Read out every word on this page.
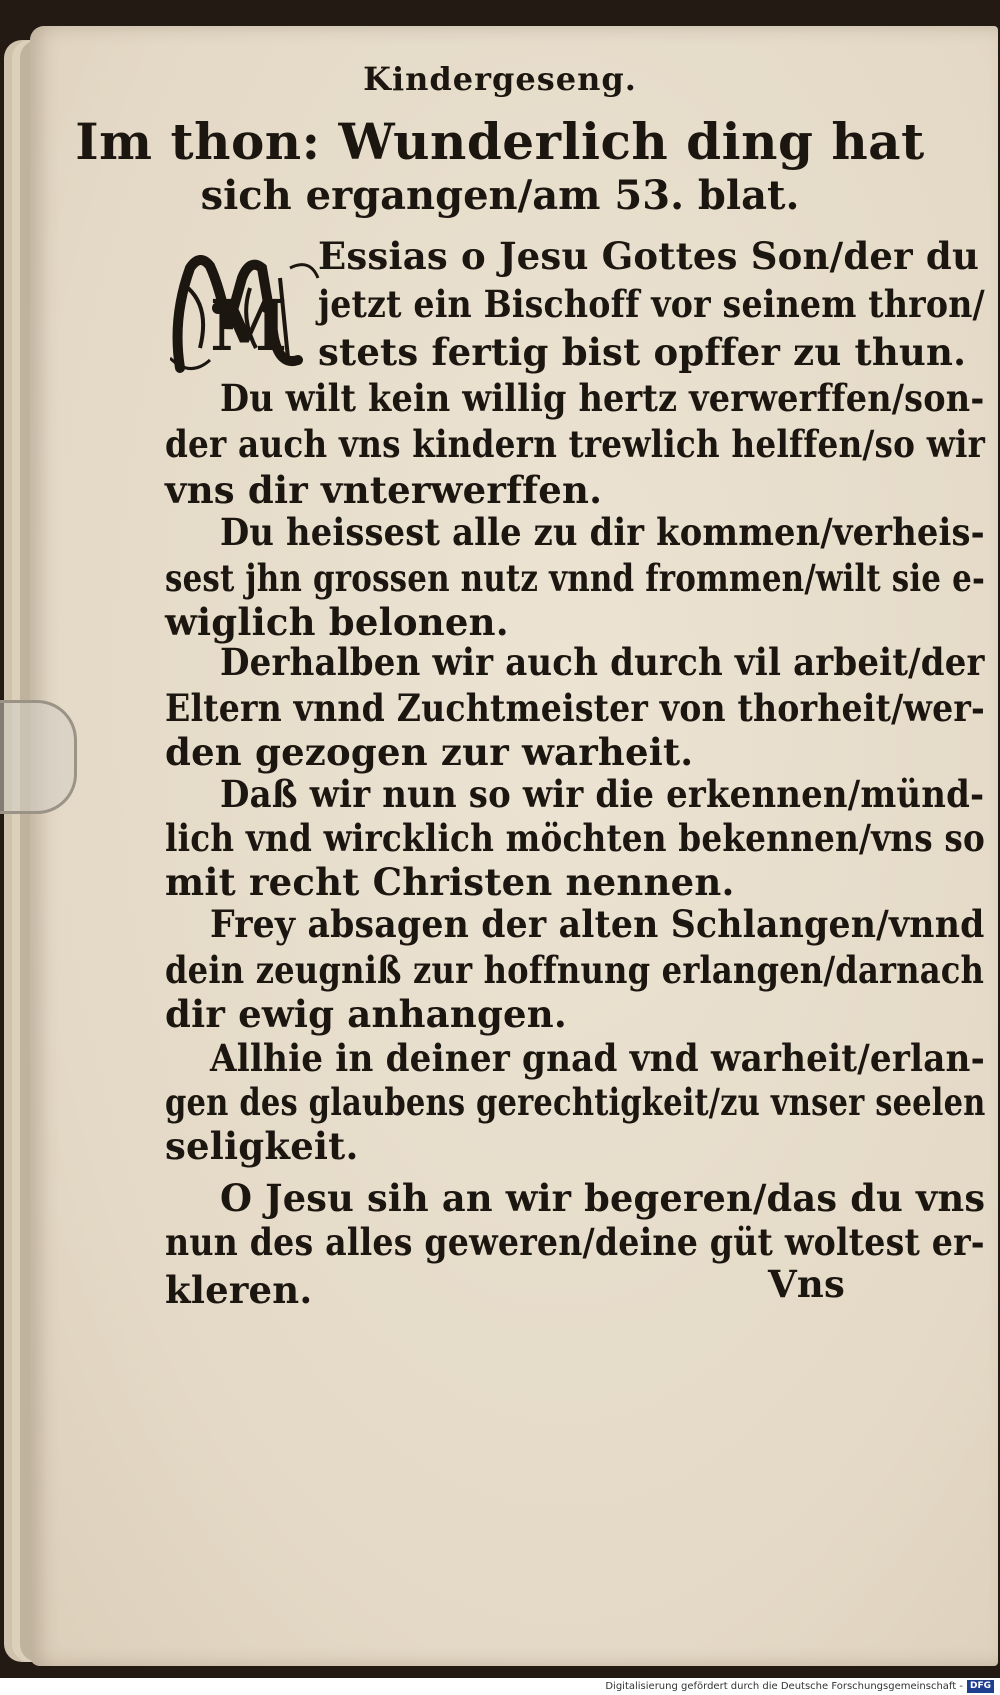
Kindergeseng.
Im thon: Wunderlich ding hat
sich ergangen/am 53. blat.
M
Essias o Jesu Gottes Son/der du
jetzt ein Bischoff vor seinem thron/
stets fertig bist opffer zu thun.
Du wilt kein willig hertz verwerffen/son-
der auch vns kindern trewlich helffen/so wir
vns dir vnterwerffen.
Du heissest alle zu dir kommen/verheis-
sest jhn grossen nutz vnnd frommen/wilt sie e-
wiglich belonen.
Derhalben wir auch durch vil arbeit/der
Eltern vnnd Zuchtmeister von thorheit/wer-
den gezogen zur warheit.
Daß wir nun so wir die erkennen/münd-
lich vnd wircklich möchten bekennen/vns so
mit recht Christen nennen.
Frey absagen der alten Schlangen/vnnd
dein zeugniß zur hoffnung erlangen/darnach
dir ewig anhangen.
Allhie in deiner gnad vnd warheit/erlan-
gen des glaubens gerechtigkeit/zu vnser seelen
seligkeit.
O Jesu sih an wir begeren/das du vns
nun des alles geweren/deine güt woltest er-
kleren.	Vns
Digitalisierung gefördert durch die Deutsche Forschungsgemeinschaft - DFG
